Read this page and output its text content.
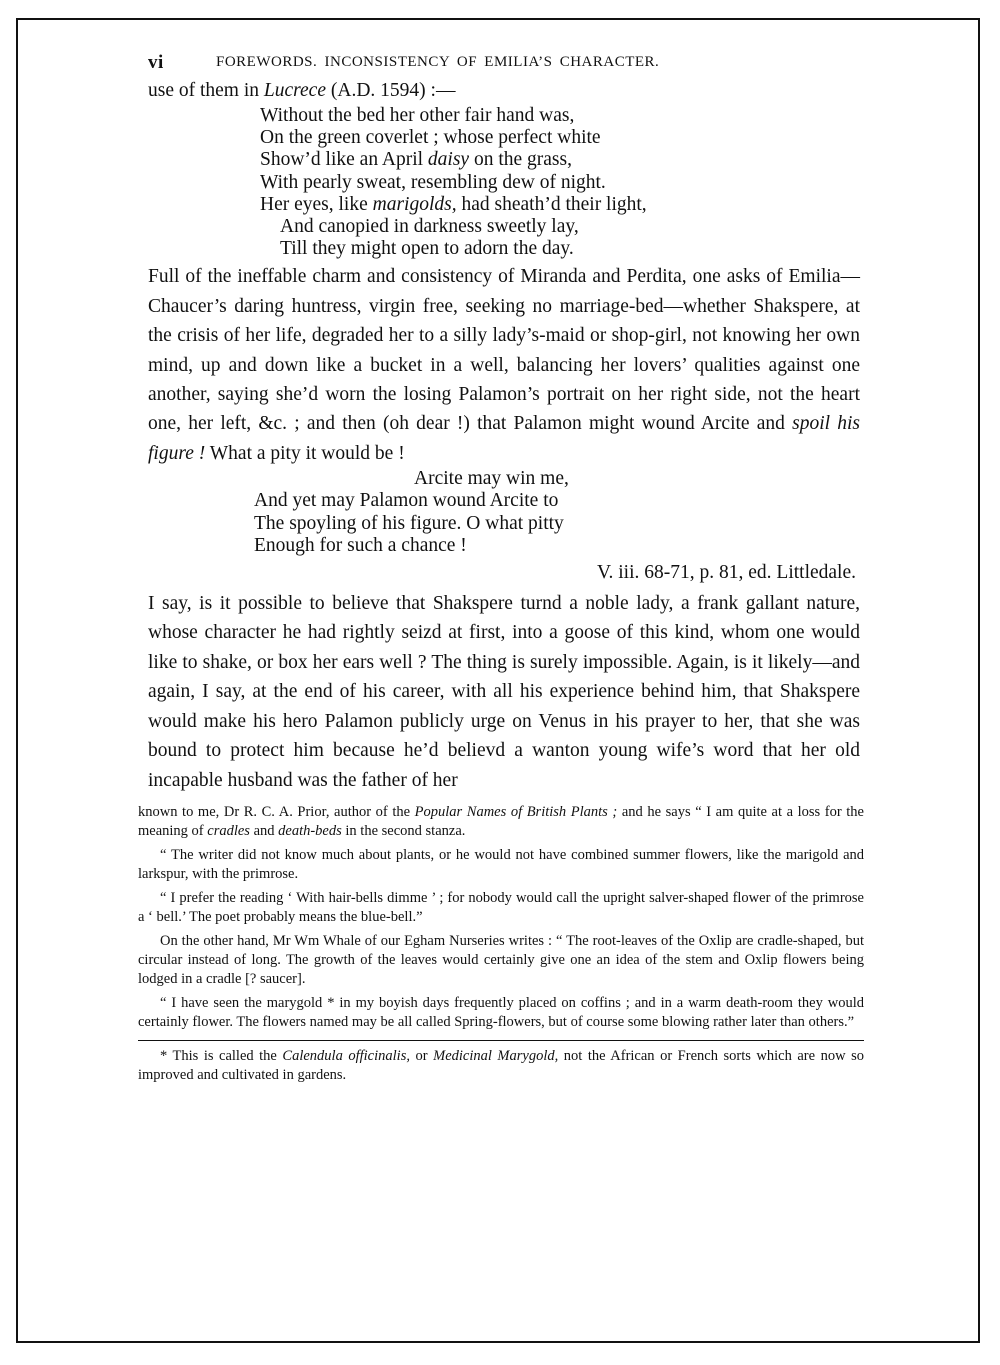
vi	FOREWORDS. INCONSISTENCY OF EMILIA’S CHARACTER.

use of them in Lucrece (A.D. 1594) :—

Without the bed her other fair hand was,
On the green coverlet ; whose perfect white
Show’d like an April daisy on the grass,
With pearly sweat, resembling dew of night.
Her eyes, like marigolds, had sheath’d their light,
And canopied in darkness sweetly lay,
Till they might open to adorn the day.

Full of the ineffable charm and consistency of Miranda and Perdita, one asks of Emilia—Chaucer’s daring huntress, virgin free, seeking no marriage-bed—whether Shakspere, at the crisis of her life, degraded her to a silly lady’s-maid or shop-girl, not knowing her own mind, up and down like a bucket in a well, balancing her lovers’ qualities against one another, saying she’d worn the losing Palamon’s portrait on her right side, not the heart one, her left, &c. ; and then (oh dear !) that Palamon might wound Arcite and spoil his figure ! What a pity it would be !

Arcite may win me,
And yet may Palamon wound Arcite to
The spoyling of his figure. O what pitty
Enough for such a chance !
V. iii. 68-71, p. 81, ed. Littledale.

I say, is it possible to believe that Shakspere turnd a noble lady, a frank gallant nature, whose character he had rightly seizd at first, into a goose of this kind, whom one would like to shake, or box her ears well ? The thing is surely impossible. Again, is it likely—and again, I say, at the end of his career, with all his experience behind him, that Shakspere would make his hero Palamon publicly urge on Venus in his prayer to her, that she was bound to protect him because he’d believd a wanton young wife’s word that her old incapable husband was the father of her

known to me, Dr R. C. A. Prior, author of the Popular Names of British Plants ; and he says “ I am quite at a loss for the meaning of cradles and death-beds in the second stanza.

“ The writer did not know much about plants, or he would not have combined summer flowers, like the marigold and larkspur, with the primrose.

“ I prefer the reading ‘ With hair-bells dimme ’ ; for nobody would call the upright salver-shaped flower of the primrose a ‘ bell.’ The poet probably means the blue-bell.”

On the other hand, Mr Wm Whale of our Egham Nurseries writes : “ The root-leaves of the Oxlip are cradle-shaped, but circular instead of long. The growth of the leaves would certainly give one an idea of the stem and Oxlip flowers being lodged in a cradle [? saucer].

“ I have seen the marygold * in my boyish days frequently placed on coffins ; and in a warm death-room they would certainly flower. The flowers named may be all called Spring-flowers, but of course some blowing rather later than others.”

* This is called the Calendula officinalis, or Medicinal Marygold, not the African or French sorts which are now so improved and cultivated in gardens.
